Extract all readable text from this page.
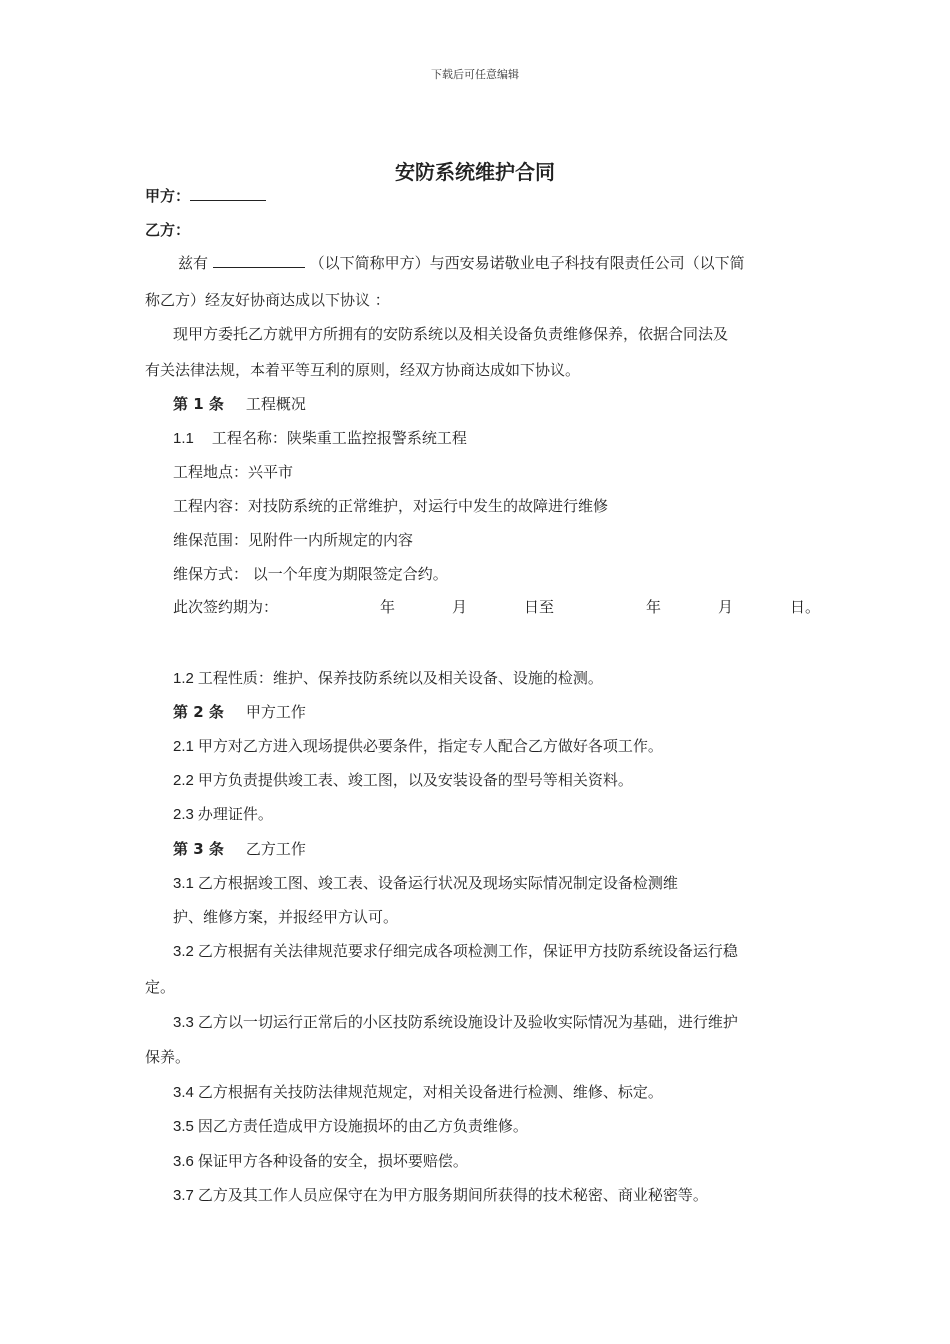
下载后可任意编辑
安防系统维护合同
甲方：
乙方：
兹有	（以下简称甲方）与西安易诺敬业电子科技有限责任公司（以下简
称乙方）经友好协商达成以下协议 ：
现甲方委托乙方就甲方所拥有的安防系统以及相关设备负责维修保养，依据合同法及
有关法律法规，本着平等互利的原则，经双方协商达成如下协议。
第 1 条 工程概况
1.1 工程名称：陕柴重工监控报警系统工程
工程地点：兴平市
工程内容：对技防系统的正常维护，对运行中发生的故障进行维修
维保范围：见附件一内所规定的内容
维保方式： 以一个年度为期限签定合约。
此次签约期为：	年	月	日至	年	月	日。
1.2 工程性质：维护、保养技防系统以及相关设备、设施的检测。
第 2 条 甲方工作
2.1 甲方对乙方进入现场提供必要条件，指定专人配合乙方做好各项工作。
2.2 甲方负责提供竣工表、竣工图，以及安装设备的型号等相关资料。
2.3 办理证件。
第 3 条 乙方工作
3.1 乙方根据竣工图、竣工表、设备运行状况及现场实际情况制定设备检测维
护、维修方案，并报经甲方认可。
3.2 乙方根据有关法律规范要求仔细完成各项检测工作，保证甲方技防系统设备运行稳
定。
3.3 乙方以一切运行正常后的小区技防系统设施设计及验收实际情况为基础，进行维护
保养。
3.4 乙方根据有关技防法律规范规定，对相关设备进行检测、维修、标定。
3.5 因乙方责任造成甲方设施损坏的由乙方负责维修。
3.6 保证甲方各种设备的安全，损坏要赔偿。
3.7 乙方及其工作人员应保守在为甲方服务期间所获得的技术秘密、商业秘密等。
